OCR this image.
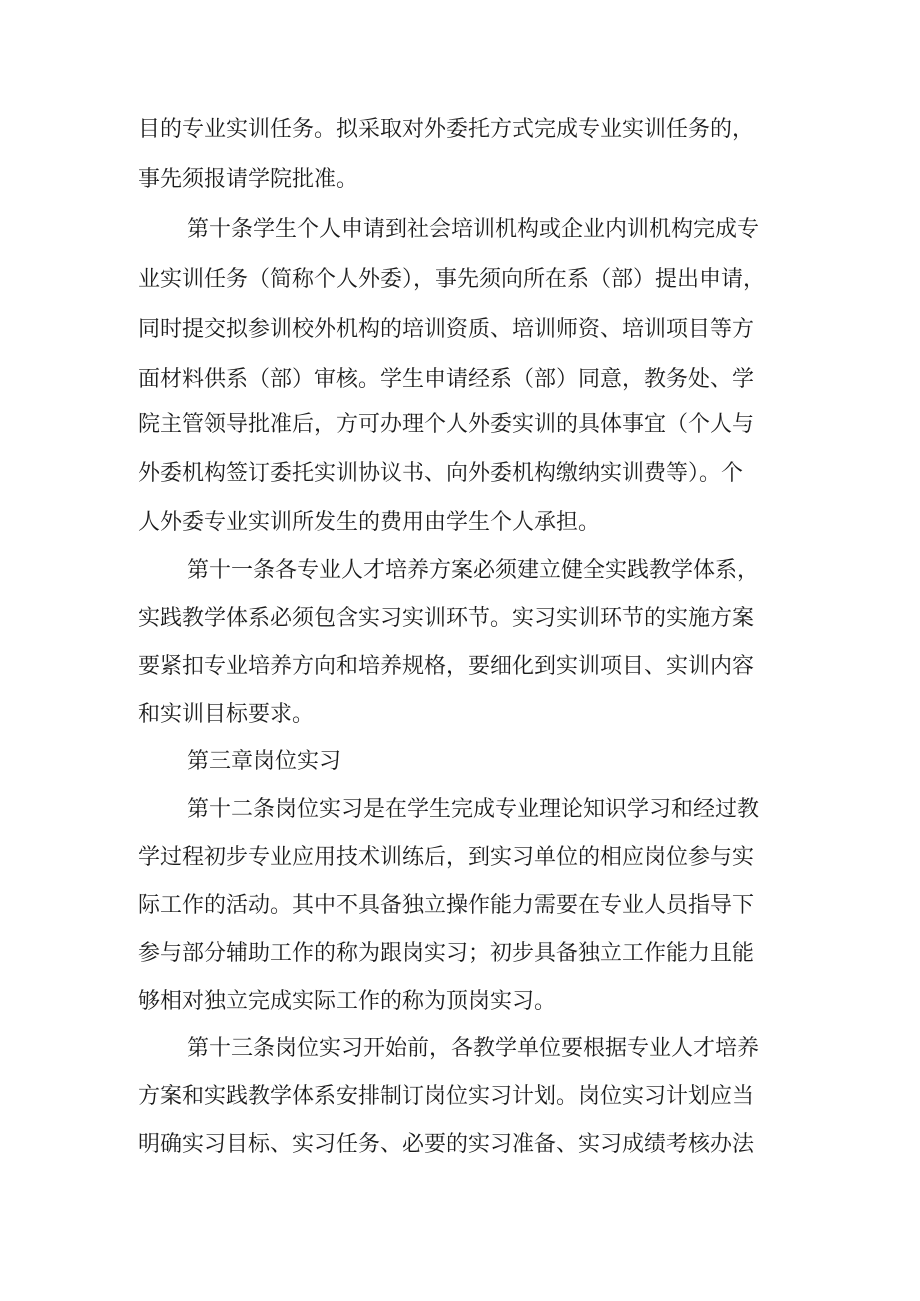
目的专业实训任务。拟采取对外委托方式完成专业实训任务的，
事先须报请学院批准。
第十条学生个人申请到社会培训机构或企业内训机构完成专
业实训任务（简称个人外委），事先须向所在系（部）提出申请，
同时提交拟参训校外机构的培训资质、培训师资、培训项目等方
面材料供系（部）审核。学生申请经系（部）同意，教务处、学
院主管领导批准后，方可办理个人外委实训的具体事宜（个人与
外委机构签订委托实训协议书、向外委机构缴纳实训费等）。个
人外委专业实训所发生的费用由学生个人承担。
第十一条各专业人才培养方案必须建立健全实践教学体系，
实践教学体系必须包含实习实训环节。实习实训环节的实施方案
要紧扣专业培养方向和培养规格，要细化到实训项目、实训内容
和实训目标要求。
第三章岗位实习
第十二条岗位实习是在学生完成专业理论知识学习和经过教
学过程初步专业应用技术训练后，到实习单位的相应岗位参与实
际工作的活动。其中不具备独立操作能力需要在专业人员指导下
参与部分辅助工作的称为跟岗实习；初步具备独立工作能力且能
够相对独立完成实际工作的称为顶岗实习。
第十三条岗位实习开始前，各教学单位要根据专业人才培养
方案和实践教学体系安排制订岗位实习计划。岗位实习计划应当
明确实习目标、实习任务、必要的实习准备、实习成绩考核办法
